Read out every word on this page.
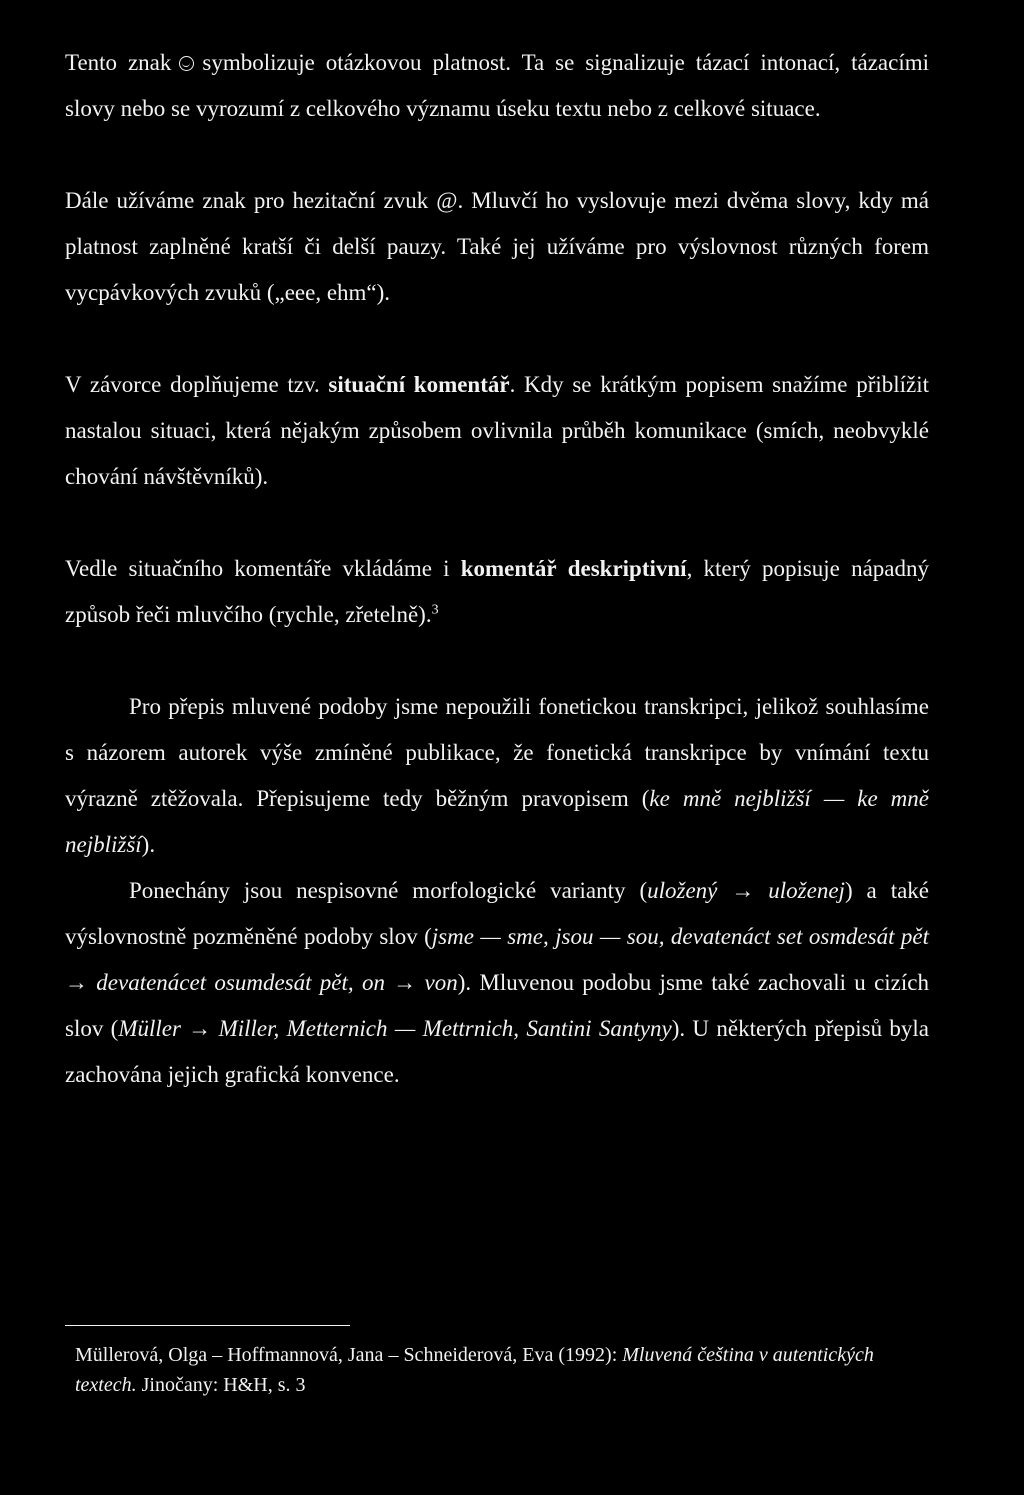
Tento znak symbolizuje otázkovou platnost. Ta se signalizuje tázací intonací, tázacími slovy nebo se vyrozumí z celkového významu úseku textu nebo z celkové situace.

Dále užíváme znak pro hezitační zvuk @. Mluvčí ho vyslovuje mezi dvěma slovy, kdy má platnost zaplněné kratší či delší pauzy. Také jej užíváme pro výslovnost různých forem vycpávkových zvuků („eee, ehm“).

V závorce doplňujeme tzv. situační komentář. Kdy se krátkým popisem snažíme přiblížit nastalou situaci, která nějakým způsobem ovlivnila průběh komunikace (smích, neobvyklé chování návštěvníků).

Vedle situačního komentáře vkládáme i komentář deskriptivní, který popisuje nápadný způsob řeči mluvčího (rychle, zřetelně).$^3$

Pro přepis mluvené podoby jsme nepoužili fonetickou transkripci, jelikož souhlasíme s názorem autorek výše zmíněné publikace, že fonetická transkripce by vnímání textu výrazně ztěžovala. Přepisujeme tedy běžným pravopisem (ke mně nejbližší — ke mně nejbližší).

Ponechány jsou nespisovné morfologické varianty (uložený → uloženej) a také výslovnostně pozměněné podoby slov (jsme — sme, jsou — sou, devatenáct set osmdesát pět → devatenácet osumdesát pět, on → von). Mluvenou podobu jsme také zachovali u cizích slov (Müller → Miller, Metternich — Mettrnich, Santini Santyny). U některých přepisů byla zachována jejich grafická konvence.

Müllerová, Olga – Hoffmannová, Jana – Schneiderová, Eva (1992): Mluvená čeština v autentických textech. Jinočany: H&H, s. 3
